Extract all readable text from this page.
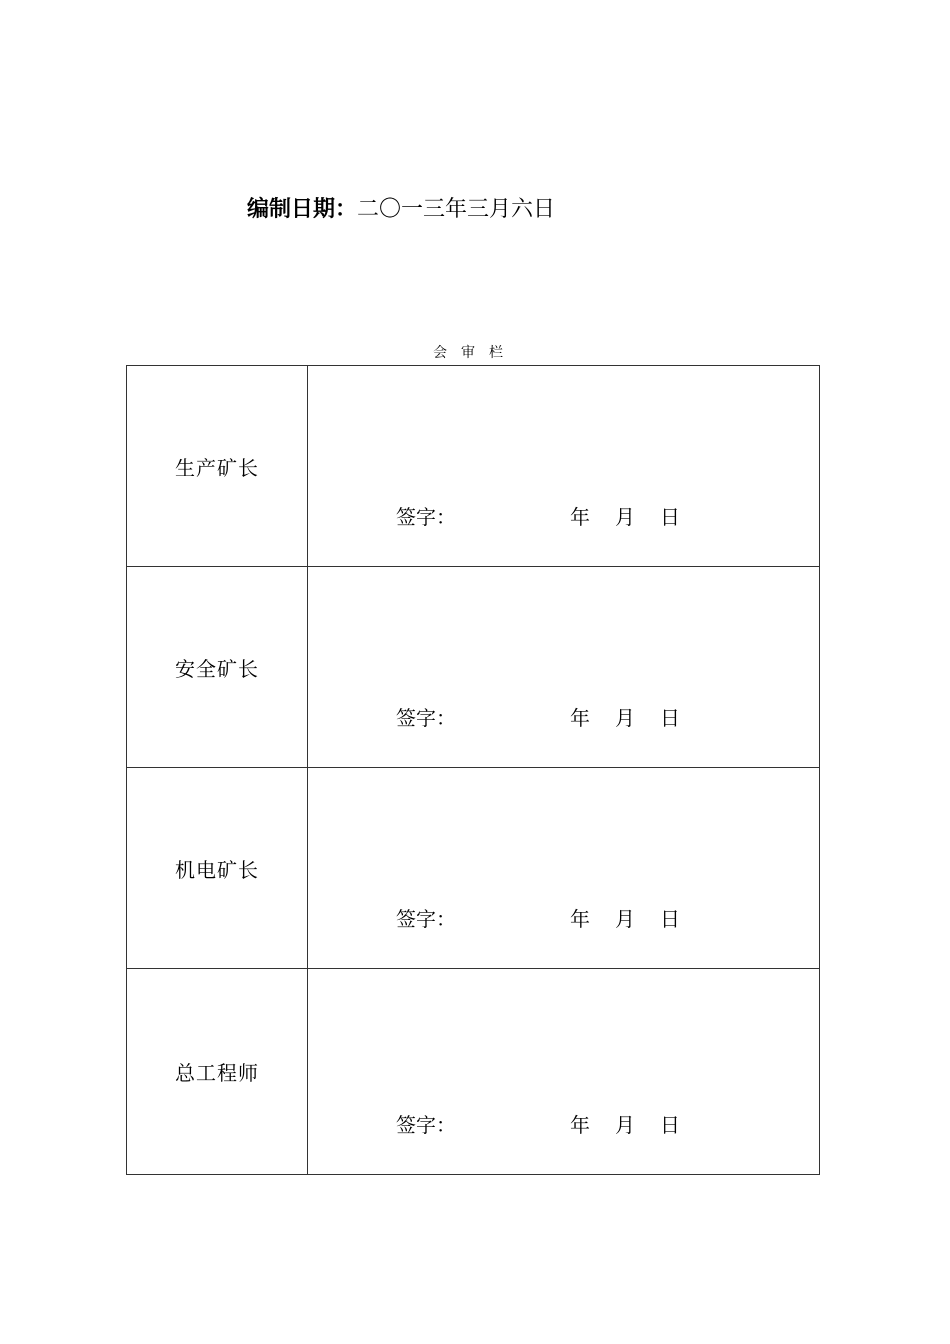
编制日期：二〇一三年三月六日
会审栏
生产矿长	签字： 年 月 日

安全矿长	签字： 年 月 日

机电矿长	签字： 年 月 日

总工程师	签字： 年 月 日
